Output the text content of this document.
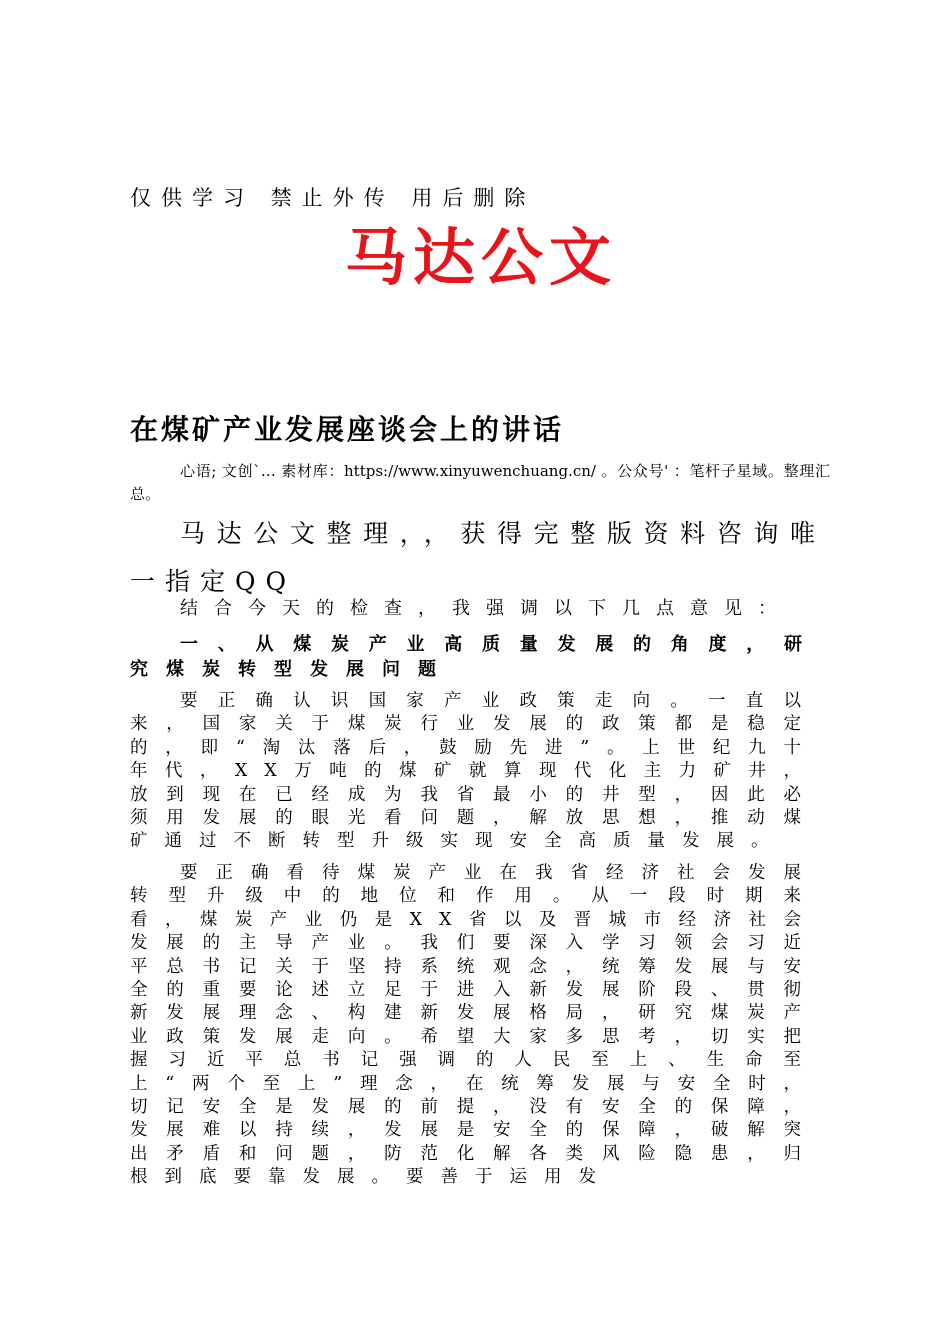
仅供学习 禁止外传 用后删除
马达公文
在煤矿产业发展座谈会上的讲话
心语; 文创`… 素材库：https://www.xinyuwenchuang.cn/ 。公众号' ：笔杆子星域。整理汇总。
马达公文整理，，获得完整版资料咨询唯一指定QQ
结合今天的检查，我强调以下几点意见：
一、从煤炭产业高质量发展的角度，研究煤炭转型发展问题
要正确认识国家产业政策走向。一直以来，国家关于煤炭行业发展的政策都是稳定的，即“淘汰落后，鼓励先进”。上世纪九十年代，XX万吨的煤矿就算现代化主力矿井，放到现在已经成为我省最小的井型，因此必须用发展的眼光看问题，解放思想，推动煤矿通过不断转型升级实现安全高质量发展。
要正确看待煤炭产业在我省经济社会发展转型升级中的地位和作用。从一段时期来看，煤炭产业仍是XX省以及晋城市经济社会发展的主导产业。我们要深入学习领会习近平总书记关于坚持系统观念，统筹发展与安全的重要论述立足于进入新发展阶段、贯彻新发展理念、构建新发展格局，研究煤炭产业政策发展走向。希望大家多思考，切实把握习近平总书记强调的人民至上、生命至上“两个至上”理念，在统筹发展与安全时，切记安全是发展的前提，没有安全的保障，发展难以持续，发展是安全的保障，破解突出矛盾和问题，防范化解各类风险隐患，归根到底要靠发展。要善于运用发
